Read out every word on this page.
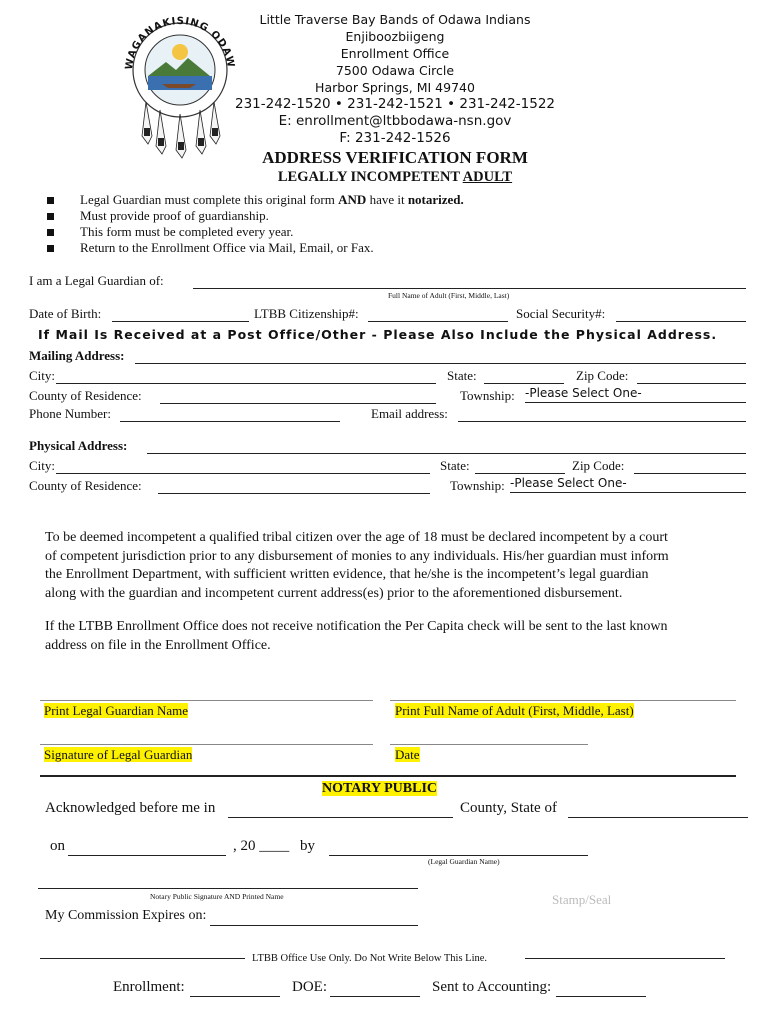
WAGANAKISING ODAW
Little Traverse Bay Bands of Odawa Indians
Enjiboozbiigeng
Enrollment Office
7500 Odawa Circle
Harbor Springs, MI 49740
231-242-1520 • 231-242-1521 • 231-242-1522
E: enrollment@ltbbodawa-nsn.gov
F: 231-242-1526
ADDRESS VERIFICATION FORM
LEGALLY INCOMPETENT ADULT
Legal Guardian must complete this original form AND have it notarized.
Must provide proof of guardianship.
This form must be completed every year.
Return to the Enrollment Office via Mail, Email, or Fax.
I am a Legal Guardian of:
Full Name of Adult (First, Middle, Last)
Date of Birth:	LTBB Citizenship#:	Social Security#:
If Mail Is Received at a Post Office/Other - Please Also Include the Physical Address.
Mailing Address:
City:	State:	Zip Code:
County of Residence:	Township: -Please Select One-
Phone Number:	Email address:
Physical Address:
City:	State:	Zip Code:
County of Residence:	Township: -Please Select One-
To be deemed incompetent a qualified tribal citizen over the age of 18 must be declared incompetent by a court
of competent jurisdiction prior to any disbursement of monies to any individuals. His/her guardian must inform
the Enrollment Department, with sufficient written evidence, that he/she is the incompetent’s legal guardian
along with the guardian and incompetent current address(es) prior to the aforementioned disbursement.
If the LTBB Enrollment Office does not receive notification the Per Capita check will be sent to the last known
address on file in the Enrollment Office.
Print Legal Guardian Name	Print Full Name of Adult (First, Middle, Last)
Signature of Legal Guardian	Date
NOTARY PUBLIC
Acknowledged before me in	County, State of
on	, 20 ____ by
(Legal Guardian Name)
Notary Public Signature AND Printed Name	Stamp/Seal
My Commission Expires on:
LTBB Office Use Only. Do Not Write Below This Line.
Enrollment:	DOE:	Sent to Accounting:
